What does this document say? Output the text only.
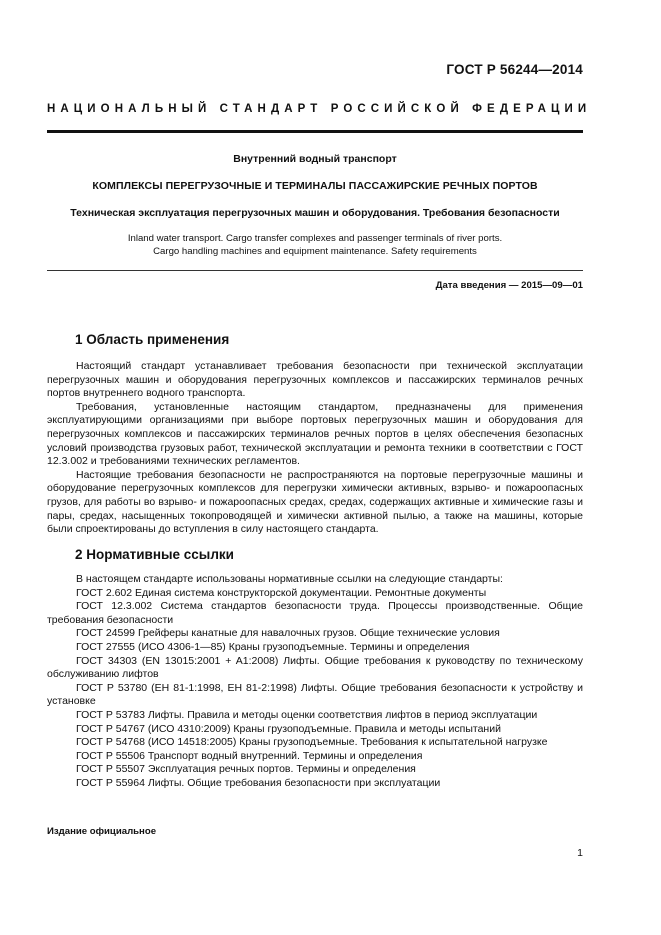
ГОСТ Р 56244—2014
НАЦИОНАЛЬНЫЙ СТАНДАРТ РОССИЙСКОЙ ФЕДЕРАЦИИ
Внутренний водный транспорт
КОМПЛЕКСЫ ПЕРЕГРУЗОЧНЫЕ И ТЕРМИНАЛЫ ПАССАЖИРСКИЕ РЕЧНЫХ ПОРТОВ
Техническая эксплуатация перегрузочных машин и оборудования. Требования безопасности
Inland water transport. Cargo transfer complexes and passenger terminals of river ports.
Cargo handling machines and equipment maintenance. Safety requirements
Дата введения — 2015—09—01
1 Область применения

Настоящий стандарт устанавливает требования безопасности при технической эксплуатации перегрузочных машин и оборудования перегрузочных комплексов и пассажирских терминалов речных портов внутреннего водного транспорта.

Требования, установленные настоящим стандартом, предназначены для применения эксплуатирующими организациями при выборе портовых перегрузочных машин и оборудования для перегрузочных комплексов и пассажирских терминалов речных портов в целях обеспечения безопасных условий производства грузовых работ, технической эксплуатации и ремонта техники в соответствии с ГОСТ 12.3.002 и требованиями технических регламентов.

Настоящие требования безопасности не распространяются на портовые перегрузочные машины и оборудование перегрузочных комплексов для перегрузки химически активных, взрыво- и пожароопасных грузов, для работы во взрыво- и пожароопасных средах, средах, содержащих активные и химические газы и пары, средах, насыщенных токопроводящей и химически активной пылью, а также на машины, которые были спроектированы до вступления в силу настоящего стандарта.

2 Нормативные ссылки

В настоящем стандарте использованы нормативные ссылки на следующие стандарты:

ГОСТ 2.602 Единая система конструкторской документации. Ремонтные документы

ГОСТ 12.3.002 Система стандартов безопасности труда. Процессы производственные. Общие требования безопасности

ГОСТ 24599 Грейферы канатные для навалочных грузов. Общие технические условия

ГОСТ 27555 (ИСО 4306-1—85) Краны грузоподъемные. Термины и определения

ГОСТ 34303 (EN 13015:2001 + A1:2008) Лифты. Общие требования к руководству по техническому обслуживанию лифтов

ГОСТ Р 53780 (ЕН 81-1:1998, ЕН 81-2:1998) Лифты. Общие требования безопасности к устройству и установке

ГОСТ Р 53783 Лифты. Правила и методы оценки соответствия лифтов в период эксплуатации

ГОСТ Р 54767 (ИСО 4310:2009) Краны грузоподъемные. Правила и методы испытаний

ГОСТ Р 54768 (ИСО 14518:2005) Краны грузоподъемные. Требования к испытательной нагрузке

ГОСТ Р 55506 Транспорт водный внутренний. Термины и определения

ГОСТ Р 55507 Эксплуатация речных портов. Термины и определения

ГОСТ Р 55964 Лифты. Общие требования безопасности при эксплуатации

Издание официальное
1
